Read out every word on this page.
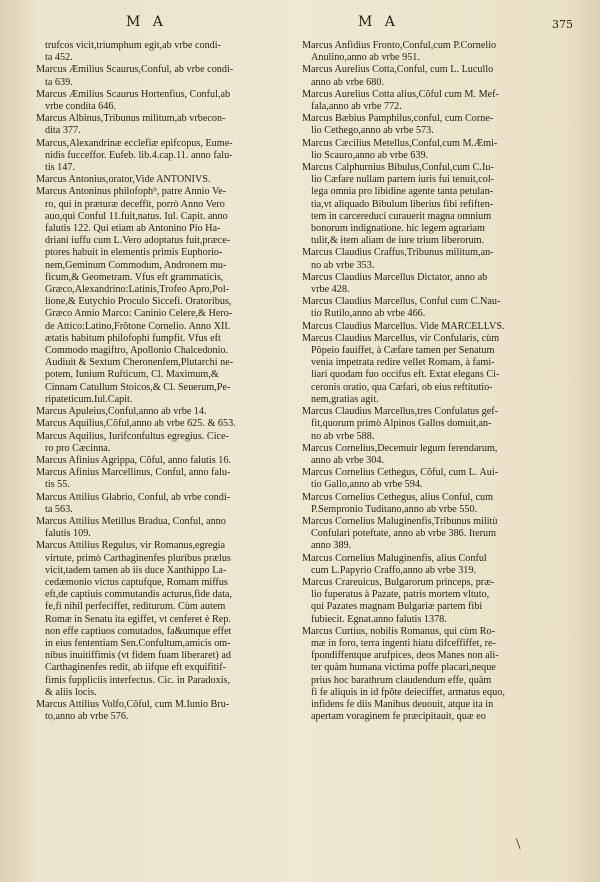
M A	M A	375
trufcos vicit,triumphum egit,ab vrbe condi-
ta 452.
Marcus Æmilius Scaurus,Conful, ab vrbe condi-
ta 639.
Marcus Æmilius Scaurus Hortenfius, Conful,ab
vrbe condita 646.
Marcus Albinus,Tribunus militum,ab vrbecon-
dita 377.
Marcus,Alexandrinæ ecclefiæ epifcopus, Eume-
nidis fucceffor. Eufeb. lib.4.cap.11. anno falu-
tis 147.
Marcus Antonius,orator,Vide ANTONIVS.
Marcus Antoninus philofoph⁹, patre Annio Ve-
ro, qui in præturæ deceffit, porrò Anno Vero
auo,qui Conful 11.fuit,natus. Iul. Capit. anno
falutis 122. Qui etiam ab Antonino Pio Ha-
driani iuffu cum L.Vero adoptatus fuit,præce-
ptores habuit in elementis primis Euphorio-
nem,Geminum Commodum, Andronem mu-
ficum,& Geometram. Vfus eft grammaticis,
Græco,Alexandrino:Latinis,Trofeo Apro,Pol-
lione,& Eutychio Proculo Siccefi. Oratoribus,
Græco Annio Marco: Caninio Celere,& Hero-
de Attico:Latino,Frõtone Cornelio. Anno XII.
ætatis habitum philofophi fumpfit. Vfus eft
Commodo magiftro, Apollonio Chalcedonio.
Audiuit & Sextum Cheronenfem,Plutarchi ne-
potem, Iunium Rufticum, Cl. Maximum,&
Cinnam Catullum Stoicos,& Cl. Seuerum,Pe-
ripateticum.Iul.Capit.
Marcus Apuleius,Conful,anno ab vrbe 14.
Marcus Aquilius,Cõful,anno ab vrbe 625. & 653.
Marcus Aquilius, Iurifconfultus egregius. Cice-
ro pro Cæcinna.
Marcus Afinius Agrippa, Cõful, anno falutis 16.
Marcus Afinius Marcellinus, Conful, anno falu-
tis 55.
Marcus Attilius Glabrio, Conful, ab vrbe condi-
ta 563.
Marcus Attilius Metillus Bradua, Conful, anno
falutis 109.
Marcus Attilius Regulus, vir Romanus,egregia
virtute, primò Carthaginenfes pluribus prælus
vicit,tadem tamen ab iis duce Xanthippo La-
cedæmonio victus captufque, Romam miffus
eft,de captiuis commutandis acturus,fide data,
fe,fi nihil perfeciffet, rediturum. Cùm autem
Romæ in Senatu ita egiffet, vt cenferet è Rep.
non effe captiuos comutados, fa&umque effet
in eius fententiam Sen.Confultum,amicis om-
nibus inuitiffimis (vt fidem fuam liberaret) ad
Carthaginenfes redit, ab iifque eft exquifitif-
fimis fuppliciis interfectus. Cic. in Paradoxis,
& aliis locis.
Marcus Attilius Volfo,Cõful, cum M.Iunio Bru-
to,anno ab vrbe 576.
Marcus Anfidius Fronto,Conful,cum P.Cornelio
Anulino,anno ab vrbe 951.
Marcus Aurelius Cotta,Conful, cum L. Lucullo
anno ab vrbe 680.
Marcus Aurelius Cotta alius,Cõful cum M. Mef-
fala,anno ab vrbe 772.
Marcus Bæbius Pamphilus,conful, cum Corne-
lio Cethego,anno ab vrbe 573.
Marcus Cæcilius Metellus,Conful,cum M.Æmi-
lio Scauro,anno ab vrbe 639.
Marcus Calphurnius Bibulus,Conful,cum C.Iu-
lio Cæfare nullam partem iuris fui tenuit,col-
lega omnia pro libidine agente tanta petulan-
tia,vt aliquado Bibulum liberius fibi refiften-
tem in carcereduci curauerit magna omnium
bonorum indignatione. hic legem agrariam
tulit,& item aliam de iure trium liberorum.
Marcus Claudius Craffus,Tribunus militum,an-
no ab vrbe 353.
Marcus Claudius Marcellus Dictator, anno ab
vrbe 428.
Marcus Claudius Marcellus, Conful cum C.Nau-
tio Rutilo,anno ab vrbe 466.
Marcus Claudius Marcellus. Vide MARCELLVS.
Marcus Claudius Marcellus, vir Confularis, cùm
Pôpeio fauiffet, à Cæfare tamen per Senatum
venia impetrata redire vellet Romam, à fami-
liari quodam fuo occifus eft. Extat elegans Ci-
ceronis oratio, qua Cæfari, ob eius reftitutio-
nem,gratias agit.
Marcus Claudius Marcellus,tres Confulatus gef-
fit,quorum primò Alpinos Gallos domuit,an-
no ab vrbe 588.
Marcus Cornelius,Decemuir legum ferendarum,
anno ab vrbe 304.
Marcus Cornelius Cethegus, Cõful, cum L. Aui-
tio Gallo,anno ab vrbe 594.
Marcus Cornelius Cethegus, alius Conful, cum
P.Sempronio Tuditano,anno ab vrbe 550.
Marcus Cornelius Maluginenfis,Tribunus militù
Confulari poteftate, anno ab vrbe 386. Iterum
anno 389.
Marcus Cornelius Maluginenfis, alius Conful
cum L.Papyrio Craffo,anno ab vrbe 319.
Marcus Crareuicus, Bulgarorum princeps, præ-
lio fuperatus à Pazate, patris mortem vltuto,
qui Pazates magnam Bulgariæ partem fibi
fubiecit. Egnat.anno falutis 1378.
Marcus Curtius, nobilis Romanus, qui cùm Ro-
mæ in foro, terra ingenti hiatu difceffiffet, re-
fpondiffentque arufpices, deos Manes non ali-
ter quàm humana victima poffe placari,neque
prius hoc barathrum claudendum effe, quàm
fi fe aliquis in id fpõte deieciffet, armatus equo,
infidens fe diis Manibus deuouit, atque ita in
apertam voraginem fe præcipitauit, quæ eo
\
